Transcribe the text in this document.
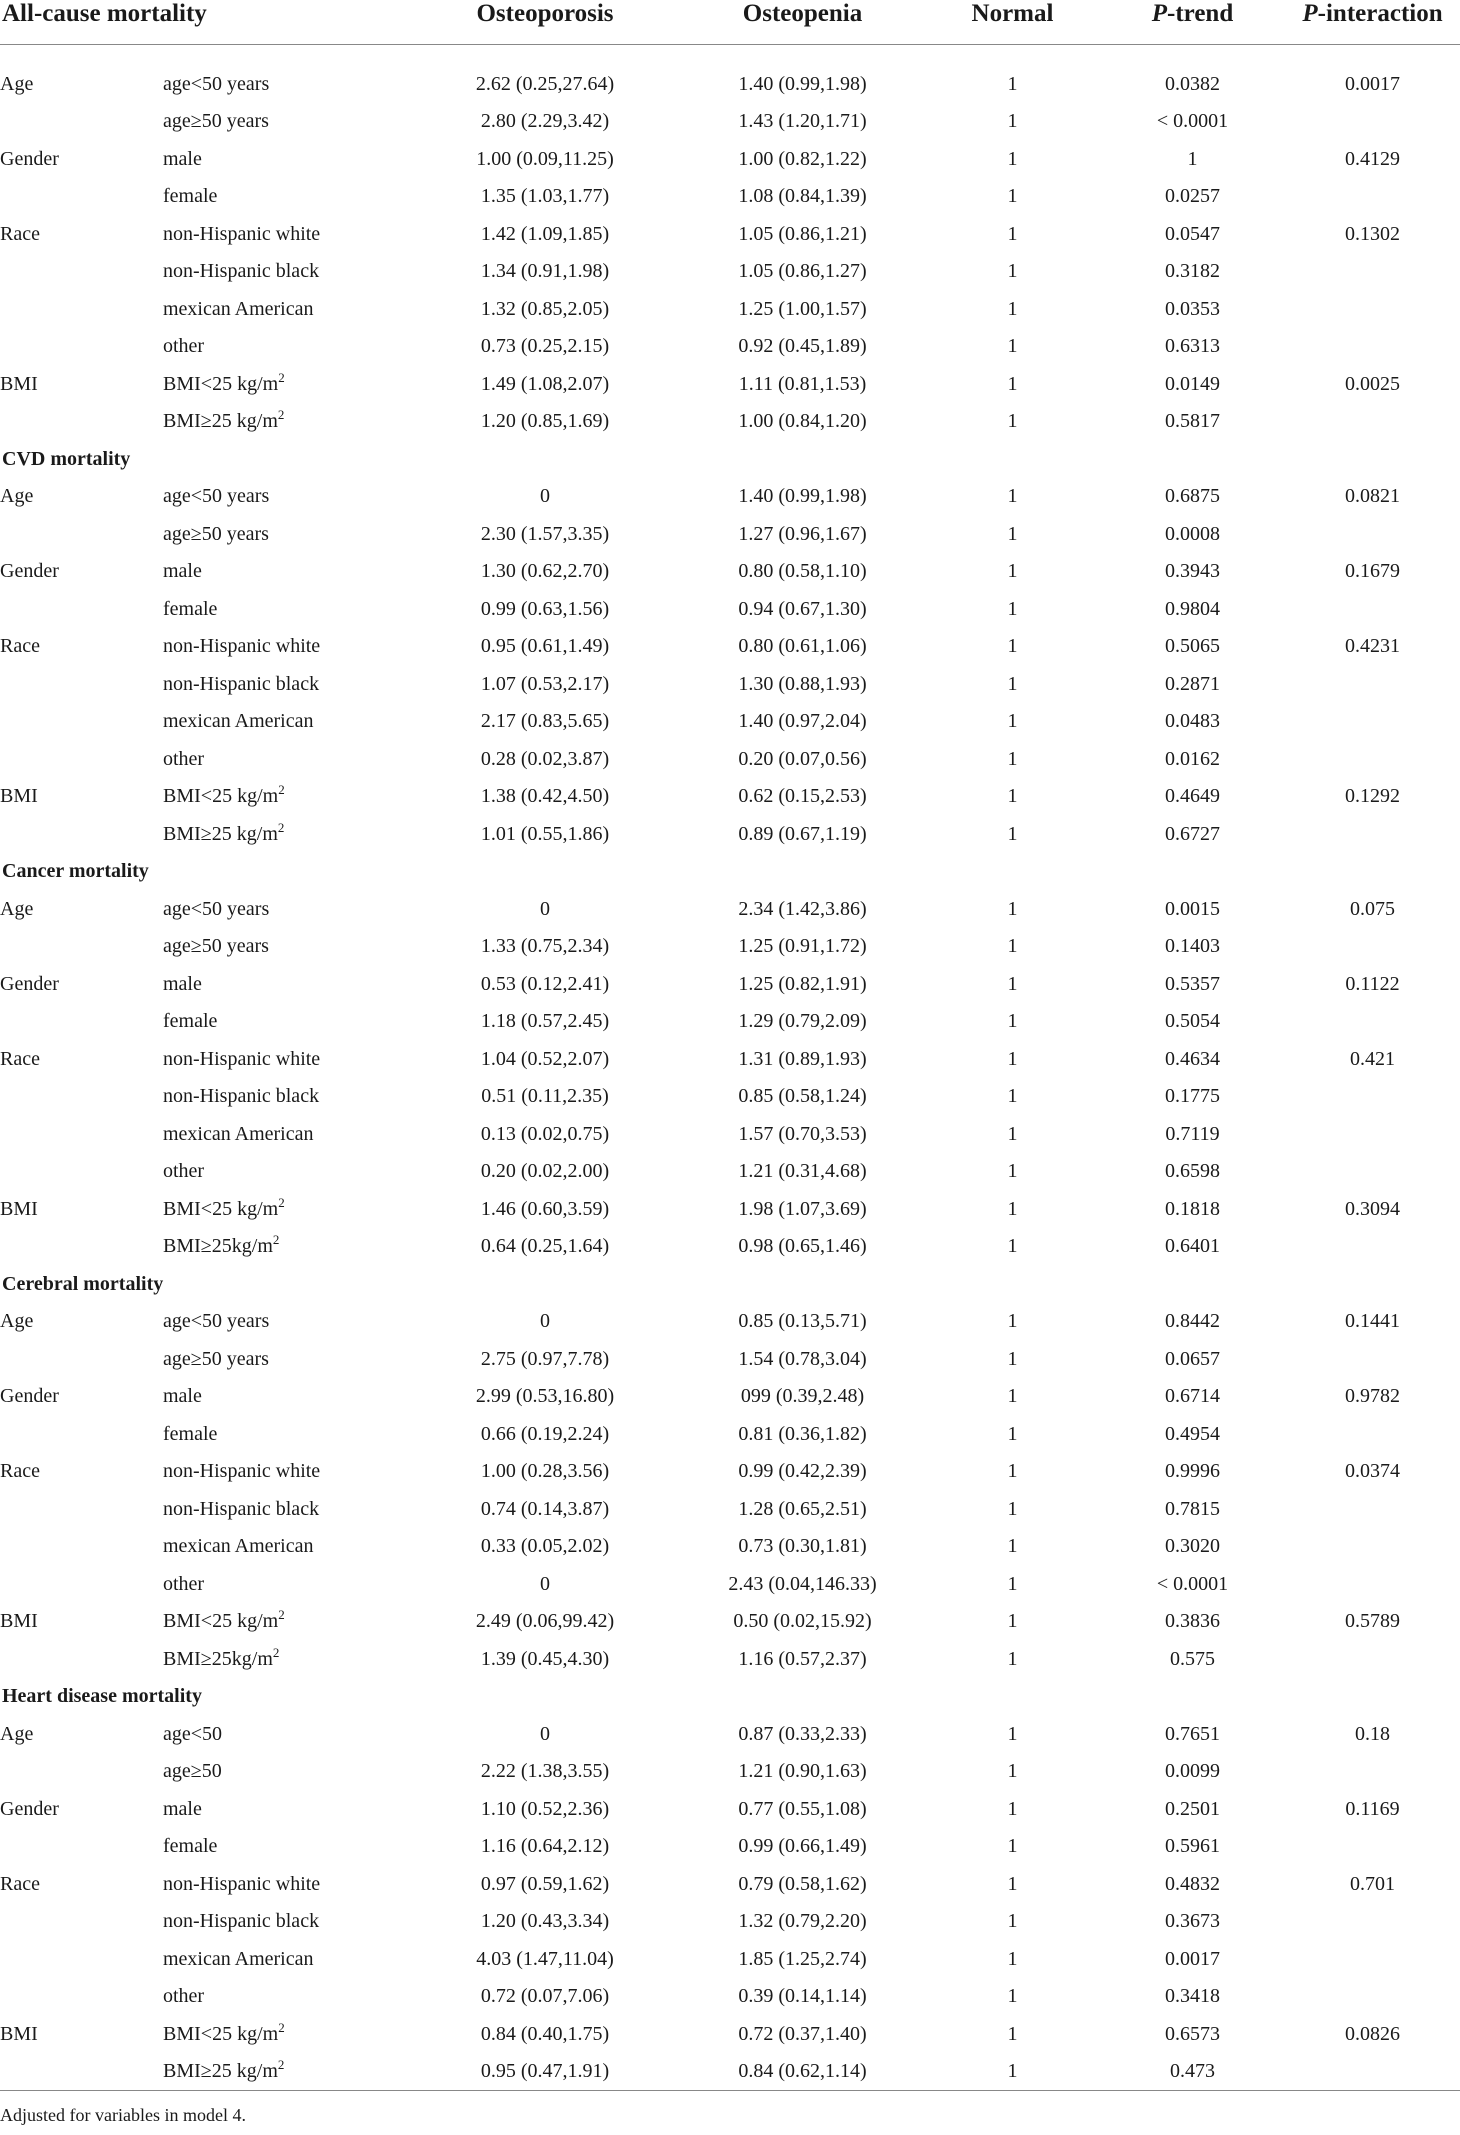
All-cause mortality		Osteoporosis	Osteopenia	Normal	P-trend	P-interaction
Age	age<50 years	2.62 (0.25,27.64)	1.40 (0.99,1.98)	1	0.0382	0.0017
	age≥50 years	2.80 (2.29,3.42)	1.43 (1.20,1.71)	1	< 0.0001	
Gender	male	1.00 (0.09,11.25)	1.00 (0.82,1.22)	1	1	0.4129
	female	1.35 (1.03,1.77)	1.08 (0.84,1.39)	1	0.0257	
Race	non-Hispanic white	1.42 (1.09,1.85)	1.05 (0.86,1.21)	1	0.0547	0.1302
	non-Hispanic black	1.34 (0.91,1.98)	1.05 (0.86,1.27)	1	0.3182	
	mexican American	1.32 (0.85,2.05)	1.25 (1.00,1.57)	1	0.0353	
	other	0.73 (0.25,2.15)	0.92 (0.45,1.89)	1	0.6313	
BMI	BMI<25 $kg/m^2$	1.49 (1.08,2.07)	1.11 (0.81,1.53)	1	0.0149	0.0025
	BMI≥25 $kg/m^2$	1.20 (0.85,1.69)	1.00 (0.84,1.20)	1	0.5817	
CVD mortality						
Age	age<50 years	0	1.40 (0.99,1.98)	1	0.6875	0.0821
	age≥50 years	2.30 (1.57,3.35)	1.27 (0.96,1.67)	1	0.0008	
Gender	male	1.30 (0.62,2.70)	0.80 (0.58,1.10)	1	0.3943	0.1679
	female	0.99 (0.63,1.56)	0.94 (0.67,1.30)	1	0.9804	
Race	non-Hispanic white	0.95 (0.61,1.49)	0.80 (0.61,1.06)	1	0.5065	0.4231
	non-Hispanic black	1.07 (0.53,2.17)	1.30 (0.88,1.93)	1	0.2871	
	mexican American	2.17 (0.83,5.65)	1.40 (0.97,2.04)	1	0.0483	
	other	0.28 (0.02,3.87)	0.20 (0.07,0.56)	1	0.0162	
BMI	BMI<25 $kg/m^2$	1.38 (0.42,4.50)	0.62 (0.15,2.53)	1	0.4649	0.1292
	BMI≥25 $kg/m^2$	1.01 (0.55,1.86)	0.89 (0.67,1.19)	1	0.6727	
Cancer mortality						
Age	age<50 years	0	2.34 (1.42,3.86)	1	0.0015	0.075
	age≥50 years	1.33 (0.75,2.34)	1.25 (0.91,1.72)	1	0.1403	
Gender	male	0.53 (0.12,2.41)	1.25 (0.82,1.91)	1	0.5357	0.1122
	female	1.18 (0.57,2.45)	1.29 (0.79,2.09)	1	0.5054	
Race	non-Hispanic white	1.04 (0.52,2.07)	1.31 (0.89,1.93)	1	0.4634	0.421
	non-Hispanic black	0.51 (0.11,2.35)	0.85 (0.58,1.24)	1	0.1775	
	mexican American	0.13 (0.02,0.75)	1.57 (0.70,3.53)	1	0.7119	
	other	0.20 (0.02,2.00)	1.21 (0.31,4.68)	1	0.6598	
BMI	BMI<25 $kg/m^2$	1.46 (0.60,3.59)	1.98 (1.07,3.69)	1	0.1818	0.3094
	$BMI\ge 25kg/m^2$	0.64 (0.25,1.64)	0.98 (0.65,1.46)	1	0.6401	
Cerebral mortality						
Age	age<50 years	0	0.85 (0.13,5.71)	1	0.8442	0.1441
	age≥50 years	2.75 (0.97,7.78)	1.54 (0.78,3.04)	1	0.0657	
Gender	male	2.99 (0.53,16.80)	099 (0.39,2.48)	1	0.6714	0.9782
	female	0.66 (0.19,2.24)	0.81 (0.36,1.82)	1	0.4954	
Race	non-Hispanic white	1.00 (0.28,3.56)	0.99 (0.42,2.39)	1	0.9996	0.0374
	non-Hispanic black	0.74 (0.14,3.87)	1.28 (0.65,2.51)	1	0.7815	
	mexican American	0.33 (0.05,2.02)	0.73 (0.30,1.81)	1	0.3020	
	other	0	2.43 (0.04,146.33)	1	< 0.0001	
BMI	BMI<25 $kg/m^2$	2.49 (0.06,99.42)	0.50 (0.02,15.92)	1	0.3836	0.5789
	$BMI\ge 25kg/m^2$	1.39 (0.45,4.30)	1.16 (0.57,2.37)	1	0.575	
Heart disease mortality						
Age	age<50	0	0.87 (0.33,2.33)	1	0.7651	0.18
	age≥50	2.22 (1.38,3.55)	1.21 (0.90,1.63)	1	0.0099	
Gender	male	1.10 (0.52,2.36)	0.77 (0.55,1.08)	1	0.2501	0.1169
	female	1.16 (0.64,2.12)	0.99 (0.66,1.49)	1	0.5961	
Race	non-Hispanic white	0.97 (0.59,1.62)	0.79 (0.58,1.62)	1	0.4832	0.701
	non-Hispanic black	1.20 (0.43,3.34)	1.32 (0.79,2.20)	1	0.3673	
	mexican American	4.03 (1.47,11.04)	1.85 (1.25,2.74)	1	0.0017	
	other	0.72 (0.07,7.06)	0.39 (0.14,1.14)	1	0.3418	
BMI	BMI<25 $kg/m^2$	0.84 (0.40,1.75)	0.72 (0.37,1.40)	1	0.6573	0.0826
	BMI≥25 $kg/m^2$	0.95 (0.47,1.91)	0.84 (0.62,1.14)	1	0.473	
Adjusted for variables in model 4.
